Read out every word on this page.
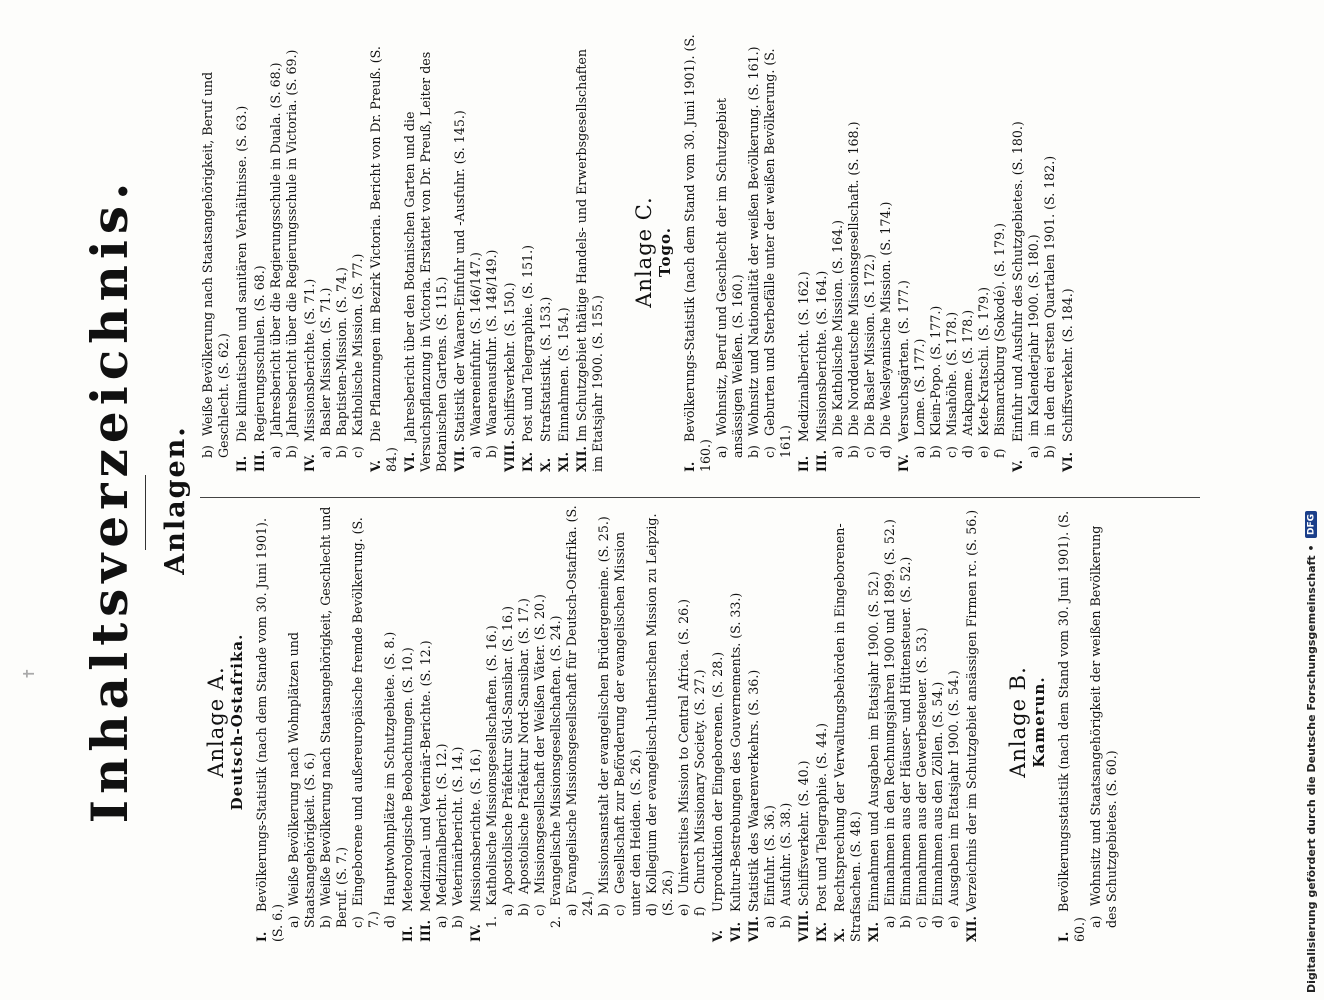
✝ Inhaltsverzeichnis. Anlagen.
Anlage A. Deutsch-Ostafrika.
I. Bevölkerungs-Statistik (nach dem Stande vom 30. Juni 1901). (S. 6.) a) Weiße Bevölkerung nach Wohnplätzen und Staatsangehörigkeit. (S. 6.) b) Weiße Bevölkerung nach Staatsangehörigkeit, Geschlecht und Beruf. (S. 7.) c) Eingeborene und außereuropäische fremde Bevölkerung. (S. 7.) d) Hauptwohnplätze im Schutzgebiete. (S. 8.)
II. Meteorologische Beobachtungen. (S. 10.)
III. Medizinal- und Veterinär-Berichte. (S. 12.)
a) Medizinalbericht. (S. 12.)
b) Veterinärbericht. (S. 14.)
IV. Missionsberichte. (S. 16.)
1. Katholische Missionsgesellschaften. (S. 16.)
a) Apostolische Präfektur Süd-Sansibar. (S. 16.)
b) Apostolische Präfektur Nord-Sansibar. (S. 17.)
c) Missionsgesellschaft der Weißen Väter. (S. 20.)
2. Evangelische Missionsgesellschaften. (S. 24.)
a) Evangelische Missionsgesellschaft für Deutsch-Ostafrika. (S. 24.) b) Missionsanstalt der evangelischen Brüdergemeine. (S. 25.)
c) Gesellschaft zur Beförderung der evangelischen Mission unter den Heiden. (S. 26.) d) Kollegium der evangelisch-lutherischen Mission zu Leipzig. (S. 26.) e) Universities Mission to Central Africa. (S. 26.)
f) Church Missionary Society. (S. 27.)
V. Urproduktion der Eingeborenen. (S. 28.)
VI. Kultur-Bestrebungen des Gouvernements. (S. 33.)
VII. Statistik des Waarenverkehrs. (S. 36.)
a) Einfuhr. (S. 36.)
b) Ausfuhr. (S. 38.)
VIII. Schiffsverkehr. (S. 40.)
IX. Post und Telegraphie. (S. 44.)
X. Rechtsprechung der Verwaltungsbehörden in Eingeborenen-Strafsachen. (S. 48.) XI. Einnahmen und Ausgaben im Etatsjahr 1900. (S. 52.)
a) Einnahmen in den Rechnungsjahren 1900 und 1899. (S. 52.)
b) Einnahmen aus der Häuser- und Hüttensteuer. (S. 52.)
c) Einnahmen aus der Gewerbesteuer. (S. 53.)
d) Einnahmen aus den Zöllen. (S. 54.)
e) Ausgaben im Etatsjahr 1900. (S. 54.)
XII. Verzeichnis der im Schutzgebiet ansässigen Firmen rc. (S. 56.) Anlage B. Kamerun.
I. Bevölkerungsstatistik (nach dem Stand vom 30. Juni 1901). (S. 60.) a) Wohnsitz und Staatsangehörigkeit der weißen Bevölkerung des Schutzgebietes. (S. 60.)
b) Weiße Bevölkerung nach Staatsangehörigkeit, Beruf und Geschlecht. (S. 62.)
II. Die klimatischen und sanitären Verhältnisse. (S. 63.)
III. Regierungsschulen. (S. 68.)
a) Jahresbericht über die Regierungsschule in Duala. (S. 68.)
b) Jahresbericht über die Regierungsschule in Victoria. (S. 69.)
IV. Missionsberichte. (S. 71.)
a) Basler Mission. (S. 71.)
b) Baptisten-Mission. (S. 74.)
c) Katholische Mission. (S. 77.)
V. Die Pflanzungen im Bezirk Victoria. Bericht von Dr. Preuß. (S. 84.) VI. Jahresbericht über den Botanischen Garten und die Versuchspflanzung in Victoria. Erstattet von Dr. Preuß, Leiter des Botanischen Gartens. (S. 115.) VII. Statistik der Waaren-Einfuhr und -Ausfuhr. (S. 145.)
a) Waareneinfuhr. (S. 146/147.)
b) Waarenausfuhr. (S. 148/149.)
VIII. Schiffsverkehr. (S. 150.)
IX. Post und Telegraphie. (S. 151.)
X. Strafstatistik. (S. 153.)
XI. Einnahmen. (S. 154.)
XII. Im Schutzgebiet thätige Handels- und Erwerbsgesellschaften im Etatsjahr 1900. (S. 155.)
Anlage C. Togo.
I. Bevölkerungs-Statistik (nach dem Stand vom 30. Juni 1901). (S. 160.) a) Wohnsitz, Beruf und Geschlecht der im Schutzgebiet ansässigen Weißen. (S. 160.) b) Wohnsitz und Nationalität der weißen Bevölkerung. (S. 161.)
c) Geburten und Sterbefälle unter der weißen Bevölkerung. (S. 161.)
II. Medizinalbericht. (S. 162.)
III. Missionsberichte. (S. 164.)
a) Die Katholische Mission. (S. 164.)
b) Die Norddeutsche Missionsgesellschaft. (S. 168.)
c) Die Basler Mission. (S. 172.)
d) Die Wesleyanische Mission. (S. 174.)
IV. Versuchsgärten. (S. 177.)
a) Lome. (S. 177.)
b) Klein-Popo. (S. 177.)
c) Misahöhe. (S. 178.)
d) Atakpame. (S. 178.)
e) Kete-Kratschi. (S. 179.)
f) Bismarckburg (Sokodé). (S. 179.)
V. Einfuhr und Ausfuhr des Schutzgebietes. (S. 180.)
a) im Kalenderjahr 1900. (S. 180.)
b) in den drei ersten Quartalen 1901. (S. 182.)
VI. Schiffsverkehr. (S. 184.)
Digitalisierung gefördert durch die Deutsche Forschungsgemeinschaft •
DFG
